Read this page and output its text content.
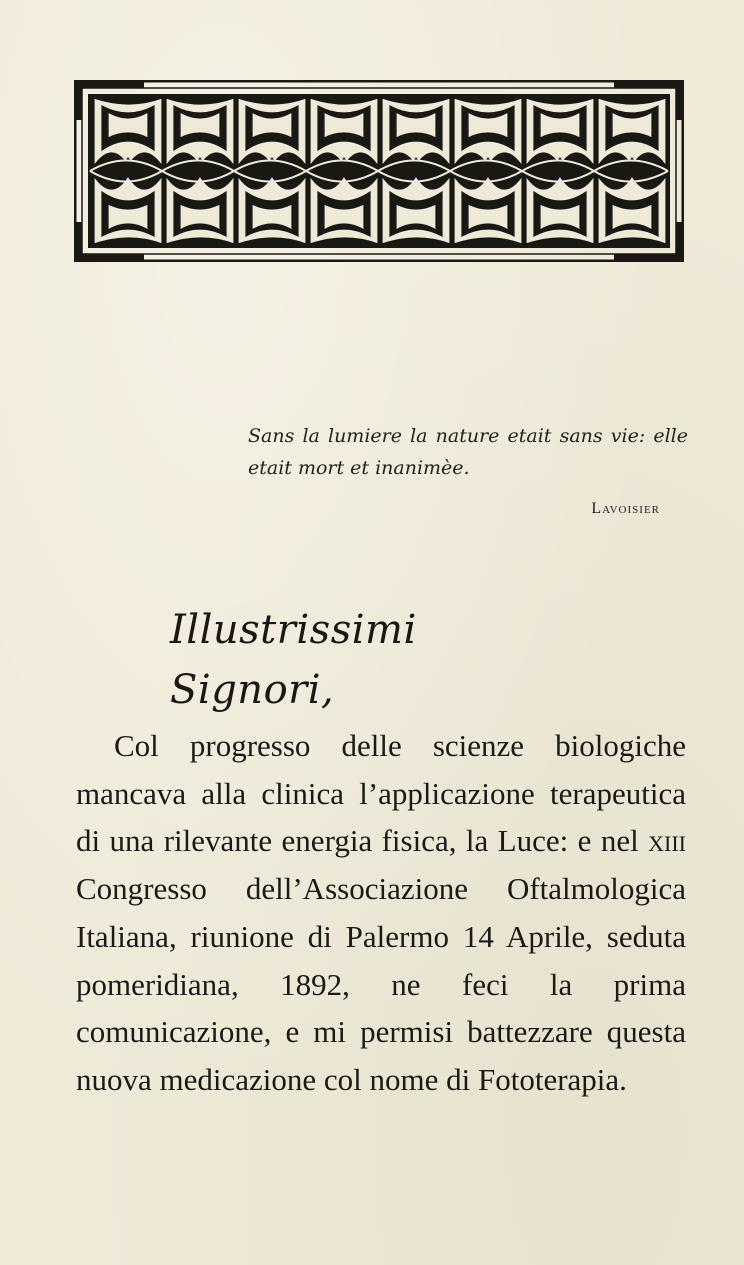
Sans la lumiere la nature etait sans vie: elle etait mort et inanimèe.
Lavoisier
Illustrissimi Signori,

Col progresso delle scienze biologiche mancava alla clinica l’applicazione terapeutica di una rilevante energia fisica, la Luce: e nel xiii Congresso dell’Associazione Oftalmologica Italiana, riunione di Palermo 14 Aprile, seduta pomeridiana, 1892, ne feci la prima comunicazione, e mi permisi battezzare questa nuova medicazione col nome di Fototerapia.
